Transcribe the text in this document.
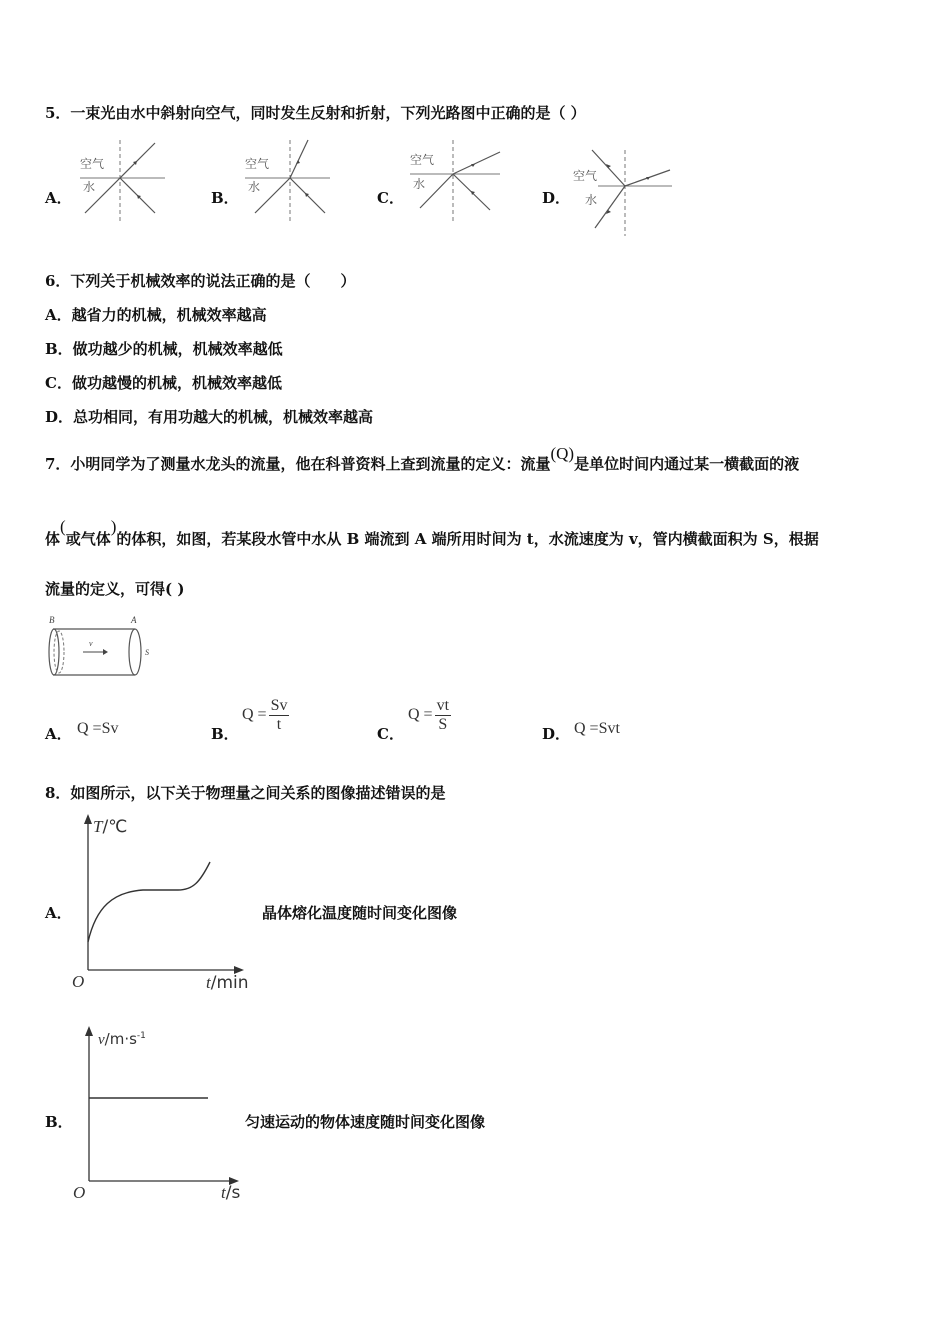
5．一束光由水中斜射向空气，同时发生反射和折射，下列光路图中正确的是（ ）
A．
空气
水
B．
空气
水
C．
空气
水
D．
空气
水
6．下列关于机械效率的说法正确的是（　　）
A．越省力的机械，机械效率越高
B．做功越少的机械，机械效率越低
C．做功越慢的机械，机械效率越低
D．总功相同，有用功越大的机械，机械效率越高
7．小明同学为了测量水龙头的流量，他在科普资料上查到流量的定义：流量(Q)是单位时间内通过某一横截面的液
体(或气体)的体积，如图，若某段水管中水从 B 端流到 A 端所用时间为 t，水流速度为 v，管内横截面积为 S，根据
流量的定义，可得( )
B	A
v
S
A． Q =Sv	B．
$Q = \frac{Sv}{t}$	C．
$Q = \frac{vt}{S}$	D． Q =Svt
8．如图所示，以下关于物理量之间关系的图像描述错误的是
A．
T/℃
t/min
O
晶体熔化温度随时间变化图像
B．
$v/m\cdot s^{-1}$
t/s
O
匀速运动的物体速度随时间变化图像
